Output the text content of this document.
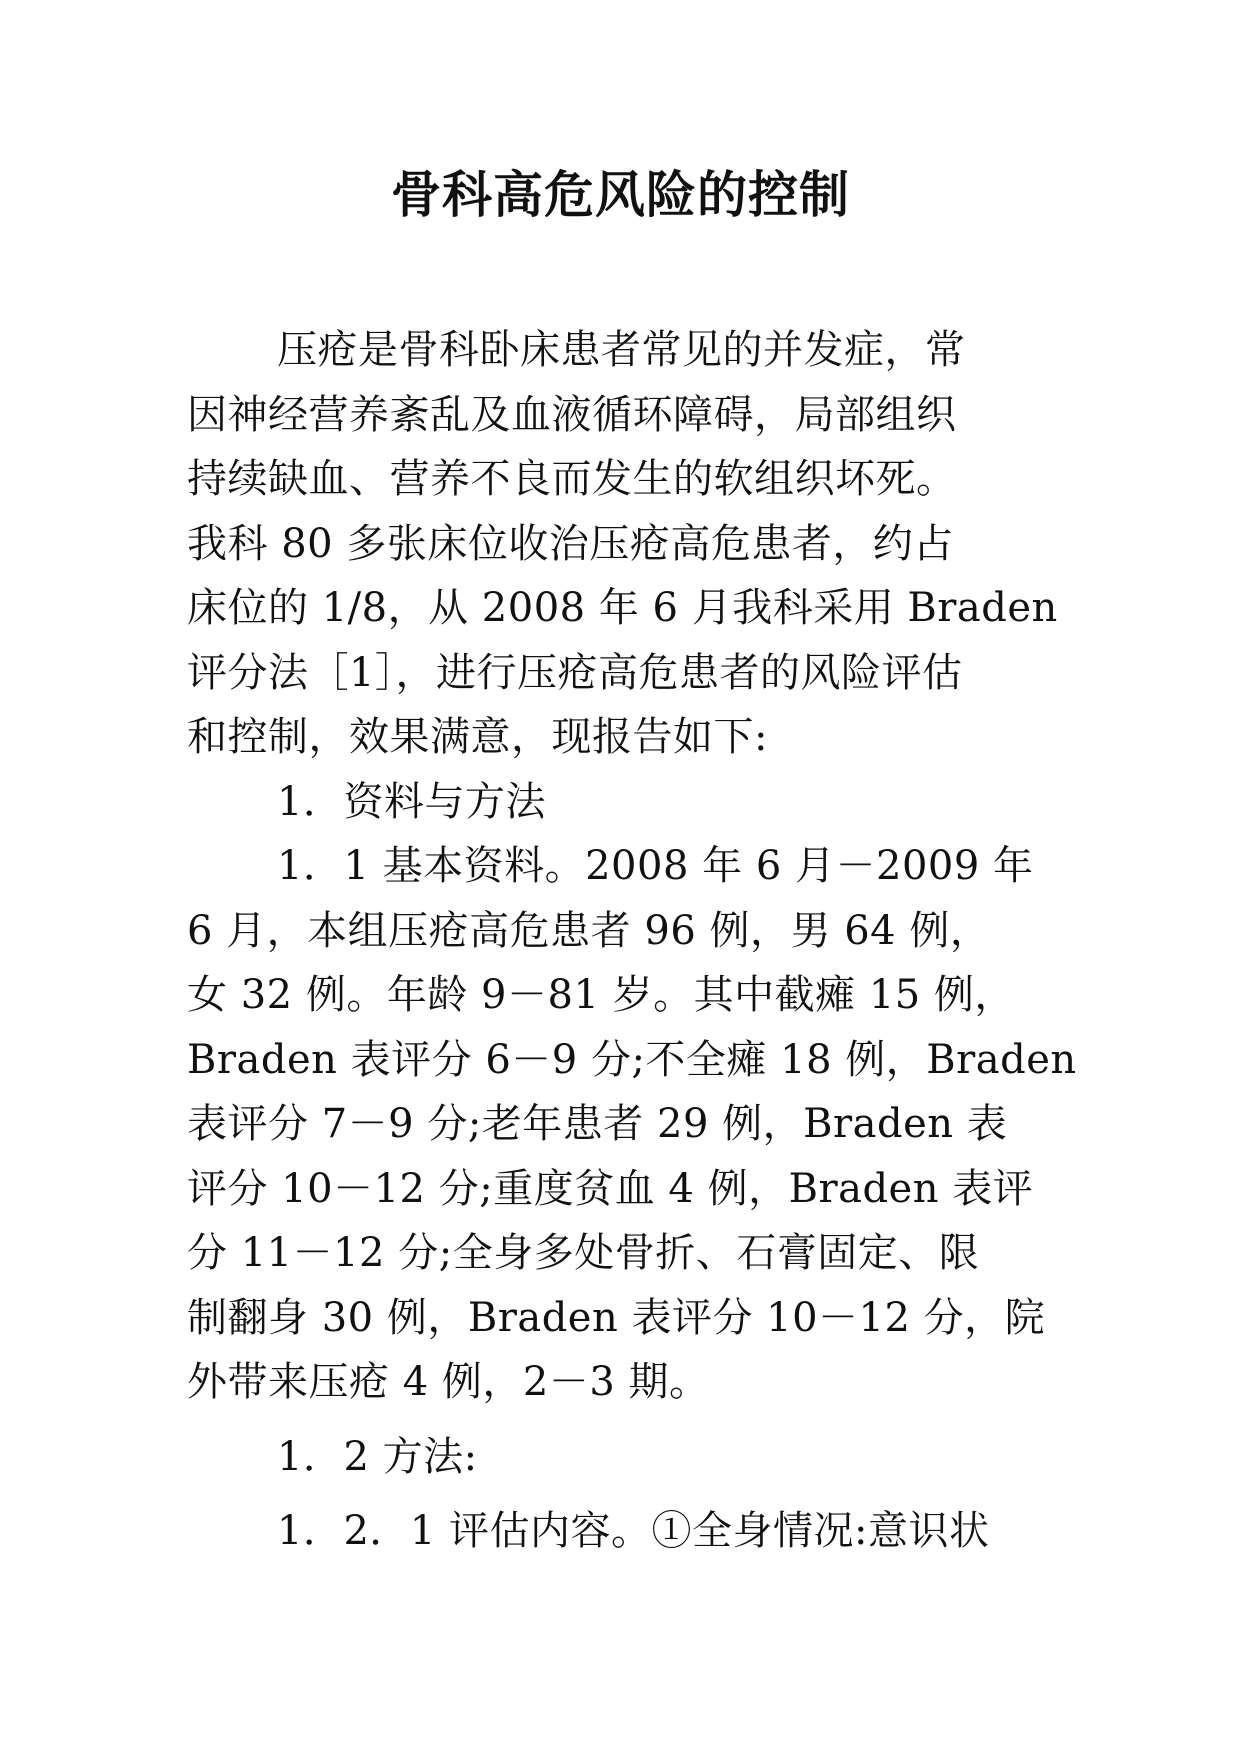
骨科高危风险的控制
压疮是骨科卧床患者常见的并发症，常
因神经营养紊乱及血液循环障碍，局部组织
持续缺血、营养不良而发生的软组织坏死。
我科 80 多张床位收治压疮高危患者，约占
床位的 1/8，从 2008 年 6 月我科采用 Braden
评分法［1］，进行压疮高危患者的风险评估
和控制，效果满意，现报告如下:
1．资料与方法
1．1 基本资料。2008 年 6 月－2009 年
6 月，本组压疮高危患者 96 例，男 64 例，
女 32 例。年龄 9－81 岁。其中截瘫 15 例，
Braden 表评分 6－9 分;不全瘫 18 例，Braden
表评分 7－9 分;老年患者 29 例，Braden 表
评分 10－12 分;重度贫血 4 例，Braden 表评
分 11－12 分;全身多处骨折、石膏固定、限
制翻身 30 例，Braden 表评分 10－12 分，院
外带来压疮 4 例，2－3 期。
1．2 方法:
1．2．1 评估内容。①全身情况:意识状
